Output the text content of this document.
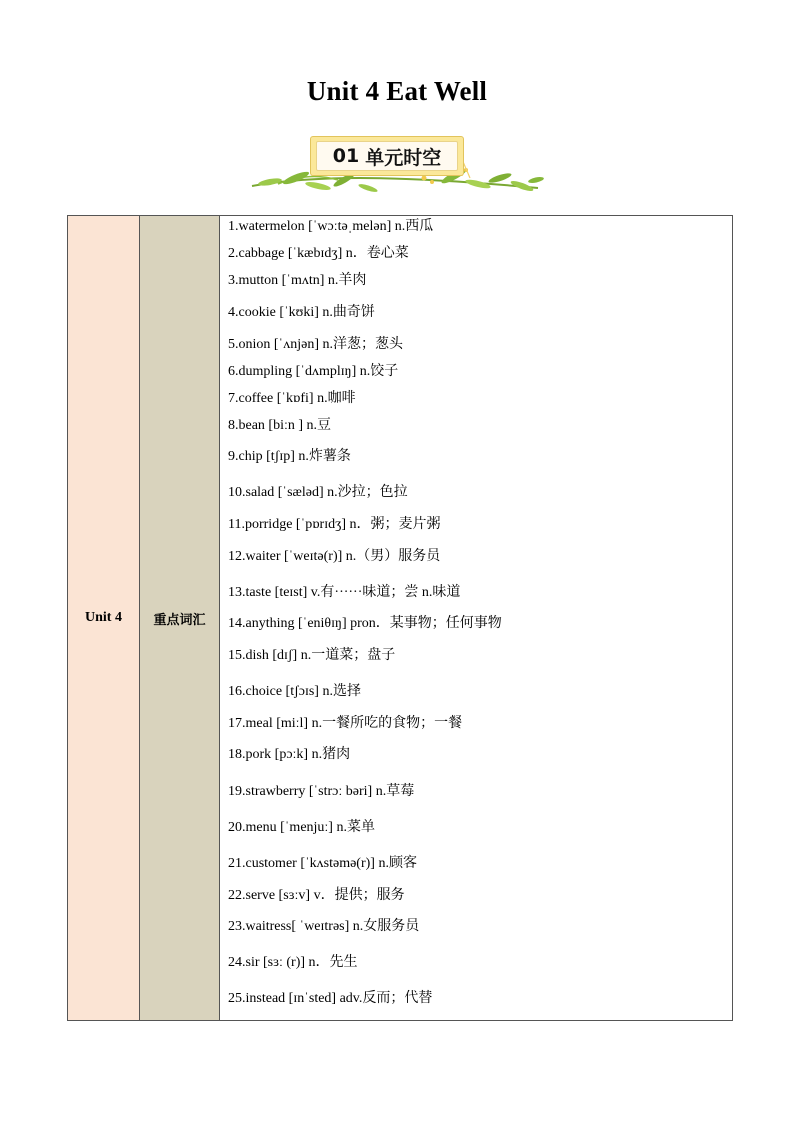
Unit 4 Eat Well
01 单元时空
Unit 4	重点词汇	
1.watermelon [ˈwɔːtəˌmelən] n.西瓜
2.cabbage [ˈkæbɪdʒ] n．卷心菜
3.mutton [ˈmʌtn] n.羊肉
4.cookie [ˈkʊki] n.曲奇饼
5.onion [ˈʌnjən] n.洋葱；葱头
6.dumpling [ˈdʌmplɪŋ] n.饺子
7.coffee [ˈkɒfi] n.咖啡
8.bean [biːn ] n.豆
9.chip [tʃɪp] n.炸薯条
10.salad [ˈsæləd] n.沙拉；色拉
11.porridge [ˈpɒrɪdʒ] n．粥；麦片粥
12.waiter [ˈweɪtə(r)] n.（男）服务员
13.taste [teɪst] v.有······味道；尝 n.味道
14.anything [ˈeniθɪŋ] pron．某事物；任何事物
15.dish [dɪʃ] n.一道菜；盘子
16.choice [tʃɔɪs] n.选择
17.meal [miːl] n.一餐所吃的食物；一餐
18.pork [pɔːk] n.猪肉
19.strawberry [ˈstrɔː bəri] n.草莓
20.menu [ˈmenjuː] n.菜单
21.customer [ˈkʌstəmə(r)] n.顾客
22.serve [sɜːv] v．提供；服务
23.waitress[ ˈweɪtrəs] n.女服务员
24.sir [sɜː (r)] n．先生
25.instead [ɪnˈsted] adv.反而；代替
